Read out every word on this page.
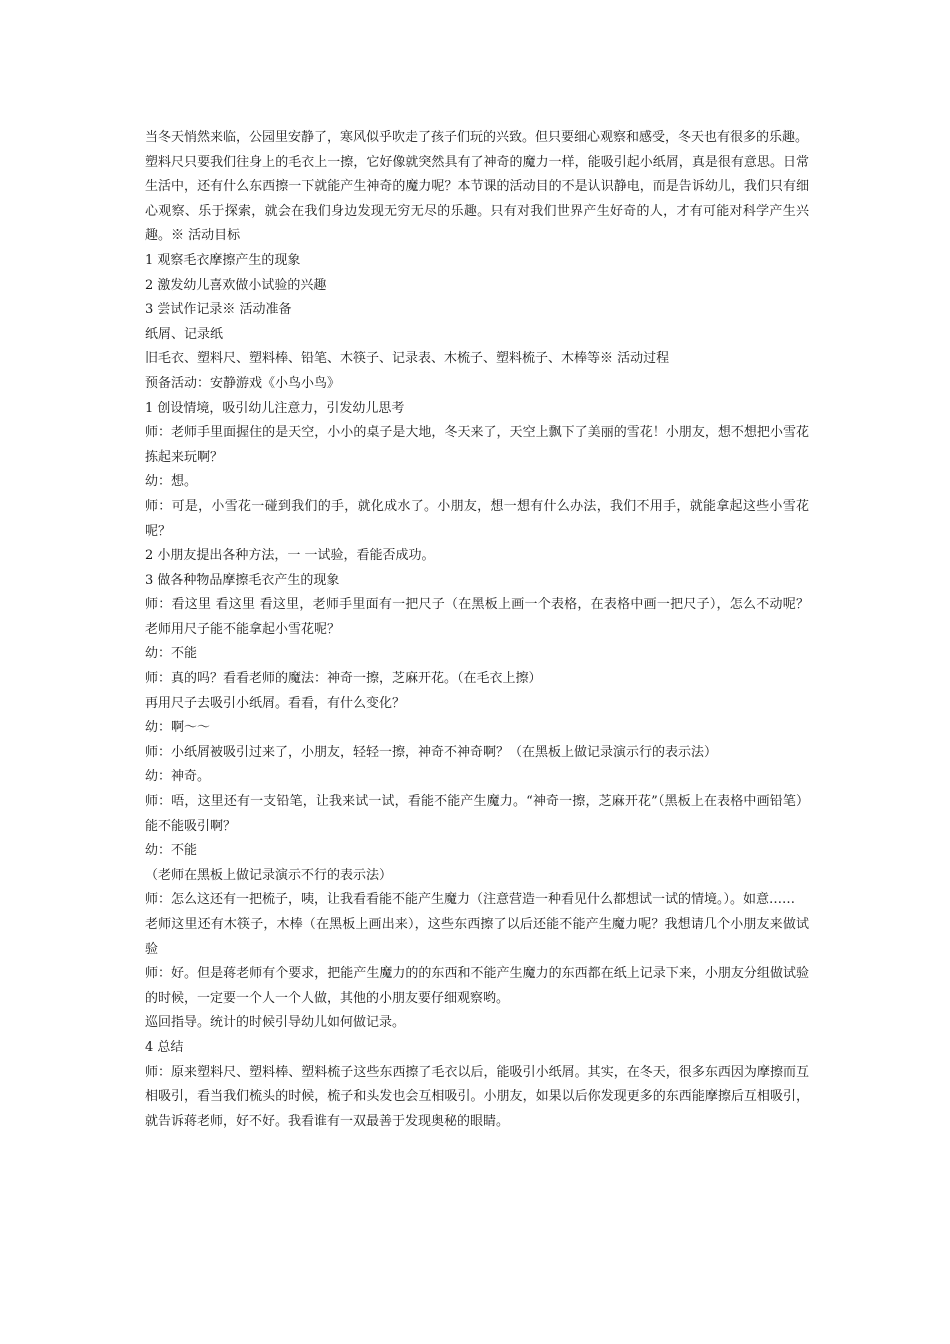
当冬天悄然来临，公园里安静了，寒风似乎吹走了孩子们玩的兴致。但只要细心观察和感受，冬天也有很多的乐趣。

塑料尺只要我们往身上的毛衣上一擦，它好像就突然具有了神奇的魔力一样，能吸引起小纸屑，真是很有意思。日常生活中，还有什么东西擦一下就能产生神奇的魔力呢？本节课的活动目的不是认识静电，而是告诉幼儿，我们只有细心观察、乐于探索，就会在我们身边发现无穷无尽的乐趣。只有对我们世界产生好奇的人，才有可能对科学产生兴趣。※ 活动目标

1 观察毛衣摩擦产生的现象

2 激发幼儿喜欢做小试验的兴趣

3 尝试作记录※ 活动准备

纸屑、记录纸

旧毛衣、塑料尺、塑料棒、铅笔、木筷子、记录表、木梳子、塑料梳子、木棒等※ 活动过程

预备活动：安静游戏《小鸟小鸟》

1 创设情境，吸引幼儿注意力，引发幼儿思考

师：老师手里面握住的是天空，小小的桌子是大地，冬天来了，天空上飘下了美丽的雪花！小朋友，想不想把小雪花拣起来玩啊？

幼：想。

师：可是，小雪花一碰到我们的手，就化成水了。小朋友，想一想有什么办法，我们不用手，就能拿起这些小雪花呢？

2 小朋友提出各种方法，一 一试验，看能否成功。

3 做各种物品摩擦毛衣产生的现象

师：看这里 看这里 看这里，老师手里面有一把尺子（在黑板上画一个表格，在表格中画一把尺子），怎么不动呢？老师用尺子能不能拿起小雪花呢？

幼：不能

师：真的吗？看看老师的魔法：神奇一擦，芝麻开花。（在毛衣上擦）

再用尺子去吸引小纸屑。看看，有什么变化？

幼：啊～～

师：小纸屑被吸引过来了，小朋友，轻轻一擦，神奇不神奇啊？（在黑板上做记录演示行的表示法）

幼：神奇。

师：唔，这里还有一支铅笔，让我来试一试，看能不能产生魔力。“神奇一擦，芝麻开花”（黑板上在表格中画铅笔）能不能吸引啊？

幼：不能

（老师在黑板上做记录演示不行的表示法）

师：怎么这还有一把梳子，咦，让我看看能不能产生魔力（注意营造一种看见什么都想试一试的情境。）。如意……

老师这里还有木筷子，木棒（在黑板上画出来），这些东西擦了以后还能不能产生魔力呢？我想请几个小朋友来做试验

师：好。但是蒋老师有个要求，把能产生魔力的的东西和不能产生魔力的东西都在纸上记录下来，小朋友分组做试验的时候，一定要一个人一个人做，其他的小朋友要仔细观察哟。

巡回指导。统计的时候引导幼儿如何做记录。

4 总结

师：原来塑料尺、塑料棒、塑料梳子这些东西擦了毛衣以后，能吸引小纸屑。其实，在冬天，很多东西因为摩擦而互相吸引，看当我们梳头的时候，梳子和头发也会互相吸引。小朋友，如果以后你发现更多的东西能摩擦后互相吸引，就告诉蒋老师，好不好。我看谁有一双最善于发现奥秘的眼睛。
